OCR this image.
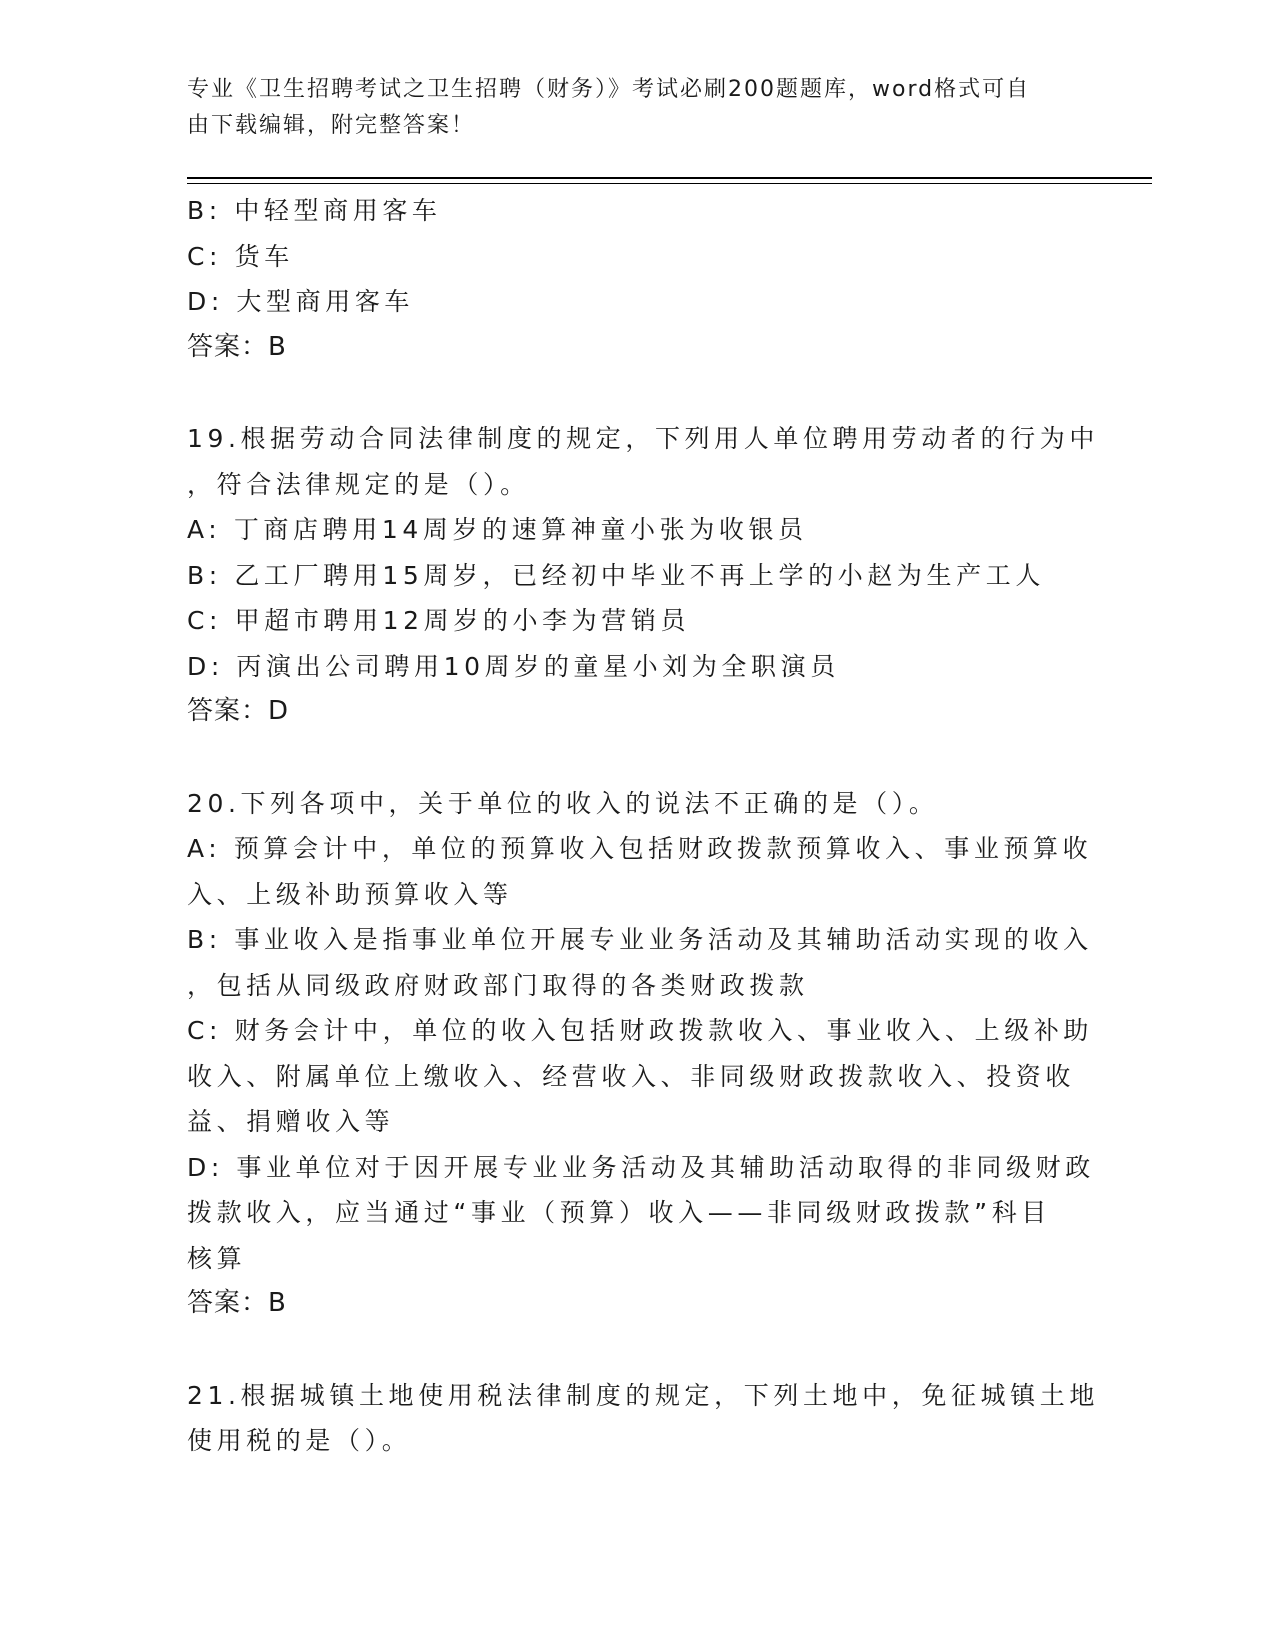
专业《卫生招聘考试之卫生招聘（财务）》考试必刷200题题库，word格式可自
由下载编辑，附完整答案！

B: 中轻型商用客车

C: 货车

D: 大型商用客车

答案：B

19.根据劳动合同法律制度的规定，下列用人单位聘用劳动者的行为中

，符合法律规定的是（）。

A: 丁商店聘用14周岁的速算神童小张为收银员

B: 乙工厂聘用15周岁，已经初中毕业不再上学的小赵为生产工人

C: 甲超市聘用12周岁的小李为营销员

D: 丙演出公司聘用10周岁的童星小刘为全职演员

答案：D

20.下列各项中，关于单位的收入的说法不正确的是（）。

A: 预算会计中，单位的预算收入包括财政拨款预算收入、事业预算收

入、上级补助预算收入等

B: 事业收入是指事业单位开展专业业务活动及其辅助活动实现的收入

，包括从同级政府财政部门取得的各类财政拨款

C: 财务会计中，单位的收入包括财政拨款收入、事业收入、上级补助

收入、附属单位上缴收入、经营收入、非同级财政拨款收入、投资收

益、捐赠收入等

D: 事业单位对于因开展专业业务活动及其辅助活动取得的非同级财政

拨款收入，应当通过“事业（预算）收入——非同级财政拨款”科目

核算

答案：B

21.根据城镇土地使用税法律制度的规定，下列土地中，免征城镇土地

使用税的是（）。
